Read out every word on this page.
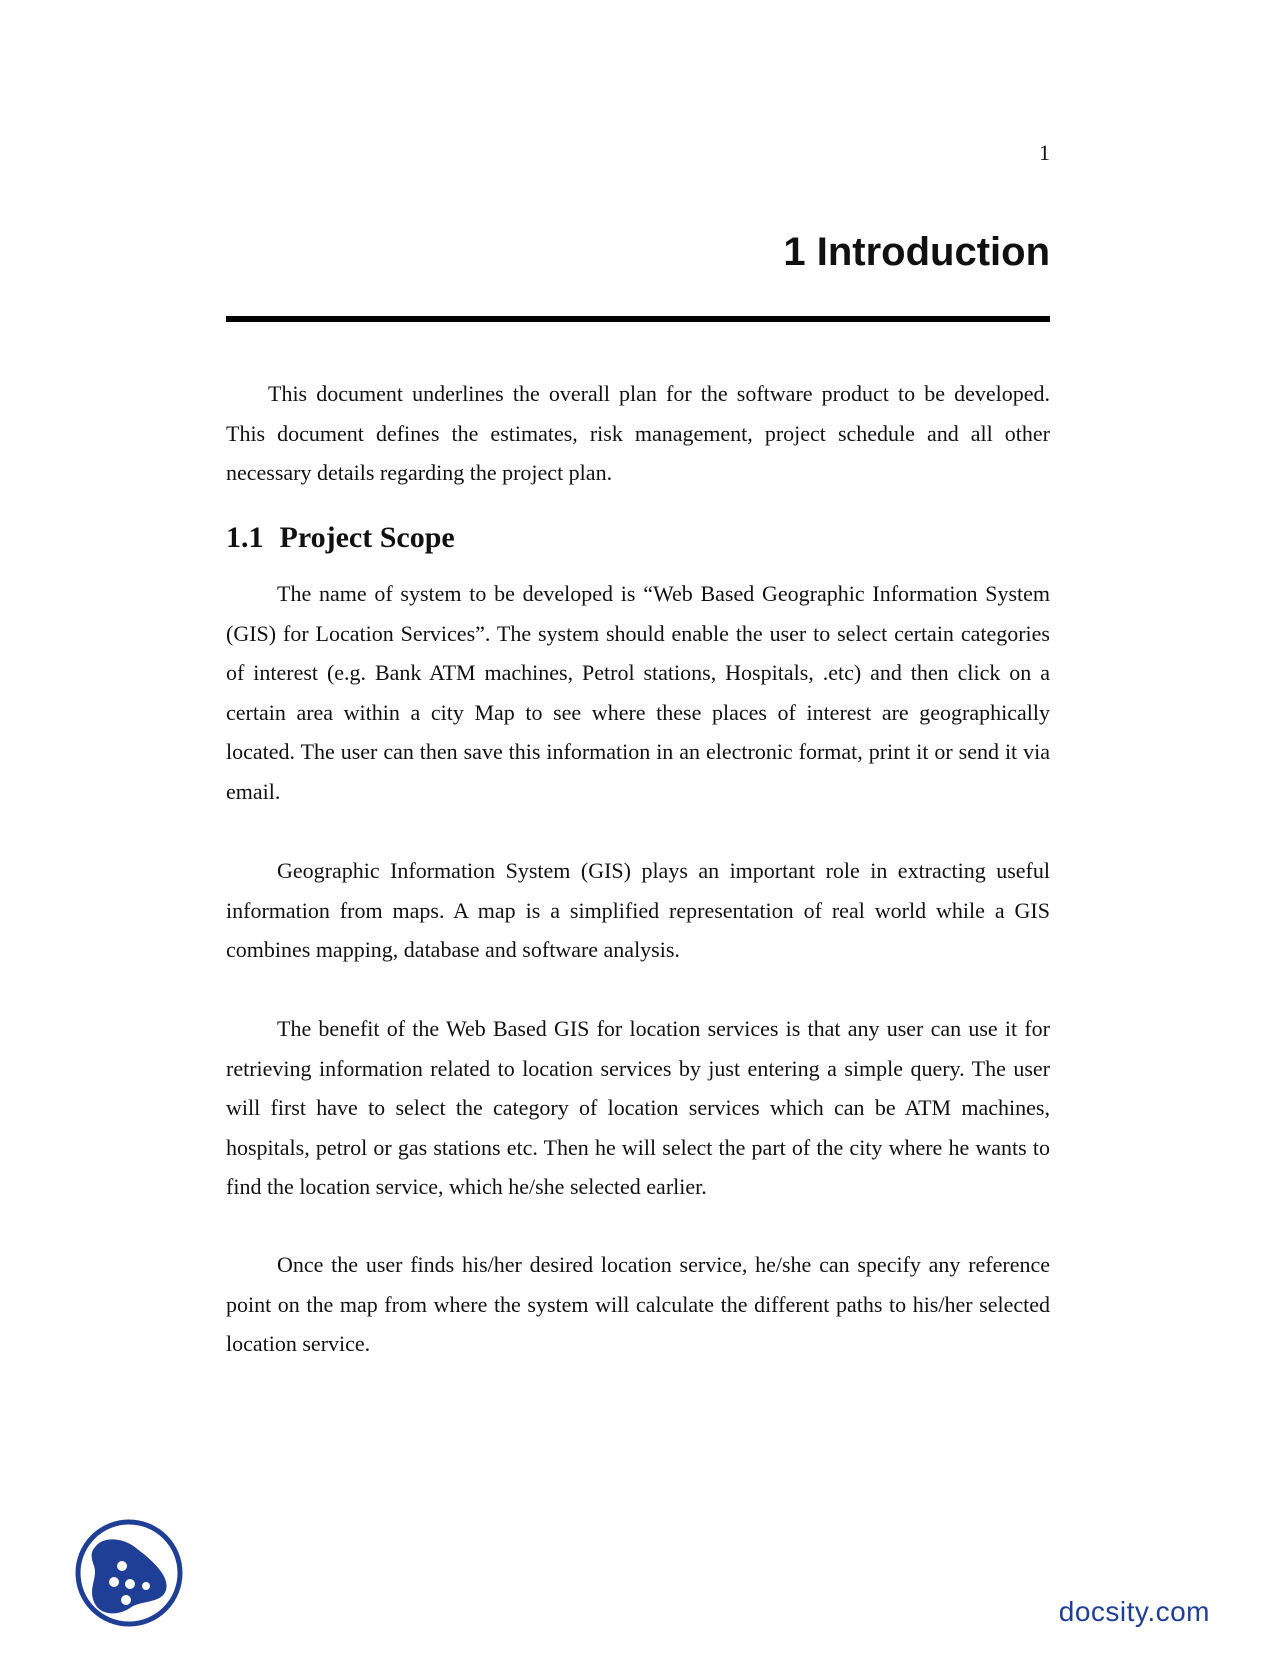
1
1 Introduction

This document underlines the overall plan for the software product to be developed. This document defines the estimates, risk management, project schedule and all other necessary details regarding the project plan.

1.1 Project Scope

The name of system to be developed is “Web Based Geographic Information System (GIS) for Location Services”. The system should enable the user to select certain categories of interest (e.g. Bank ATM machines, Petrol stations, Hospitals, .etc) and then click on a certain area within a city Map to see where these places of interest are geographically located. The user can then save this information in an electronic format, print it or send it via email.

Geographic Information System (GIS) plays an important role in extracting useful information from maps. A map is a simplified representation of real world while a GIS combines mapping, database and software analysis.

The benefit of the Web Based GIS for location services is that any user can use it for retrieving information related to location services by just entering a simple query. The user will first have to select the category of location services which can be ATM machines, hospitals, petrol or gas stations etc. Then he will select the part of the city where he wants to find the location service, which he/she selected earlier.

Once the user finds his/her desired location service, he/she can specify any reference point on the map from where the system will calculate the different paths to his/her selected location service.

docsity.com
